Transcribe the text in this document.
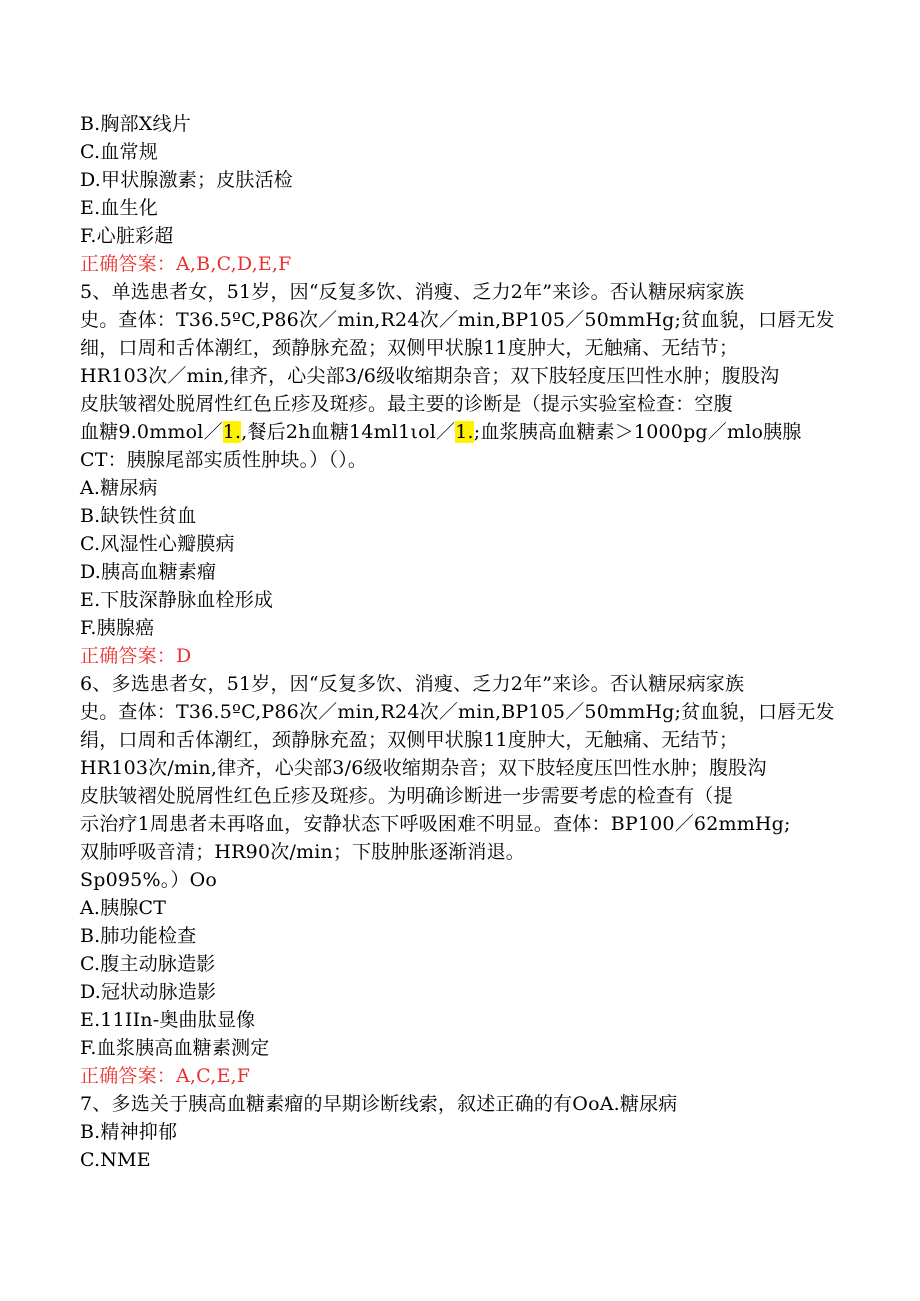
B.胸部X线片
C.血常规
D.甲状腺激素；皮肤活检
E.血生化
F.心脏彩超
正确答案：A,B,C,D,E,F
5、单选患者女，51岁，因“反复多饮、消瘦、乏力2年”来诊。否认糖尿病家族
史。查体：T36.5ºC,P86次／min,R24次／min,BP105／50mmHg;贫血貌，口唇无发
细，口周和舌体潮红，颈静脉充盈；双侧甲状腺11度肿大，无触痛、无结节；
HR103次／min,律齐，心尖部3/6级收缩期杂音；双下肢轻度压凹性水肿；腹股沟
皮肤皱褶处脱屑性红色丘疹及斑疹。最主要的诊断是（提示实验室检查：空腹
血糖9.0mmol／1.,餐后2h血糖14ml1ιol／1.;血浆胰高血糖素＞1000pg／mlo胰腺
CT：胰腺尾部实质性肿块。）（）。
A.糖尿病
B.缺铁性贫血
C.风湿性心瓣膜病
D.胰高血糖素瘤
E.下肢深静脉血栓形成
F.胰腺癌
正确答案：D
6、多选患者女，51岁，因“反复多饮、消瘦、乏力2年”来诊。否认糖尿病家族
史。查体：T36.5ºC,P86次／min,R24次／min,BP105／50mmHg;贫血貌，口唇无发
绢，口周和舌体潮红，颈静脉充盈；双侧甲状腺11度肿大，无触痛、无结节；
HR103次/min,律齐，心尖部3/6级收缩期杂音；双下肢轻度压凹性水肿；腹股沟
皮肤皱褶处脱屑性红色丘疹及斑疹。为明确诊断进一步需要考虑的检查有（提
示治疗1周患者未再咯血，安静状态下呼吸困难不明显。查体：BP100／62mmHg;
双肺呼吸音清；HR90次/min；下肢肿胀逐渐消退。
Sp095%。）Oo
A.胰腺CT
B.肺功能检查
C.腹主动脉造影
D.冠状动脉造影
E.11IIn-奥曲肽显像
F.血浆胰高血糖素测定
正确答案：A,C,E,F
7、多选关于胰高血糖素瘤的早期诊断线索，叙述正确的有OoA.糖尿病
B.精神抑郁
C.NME
